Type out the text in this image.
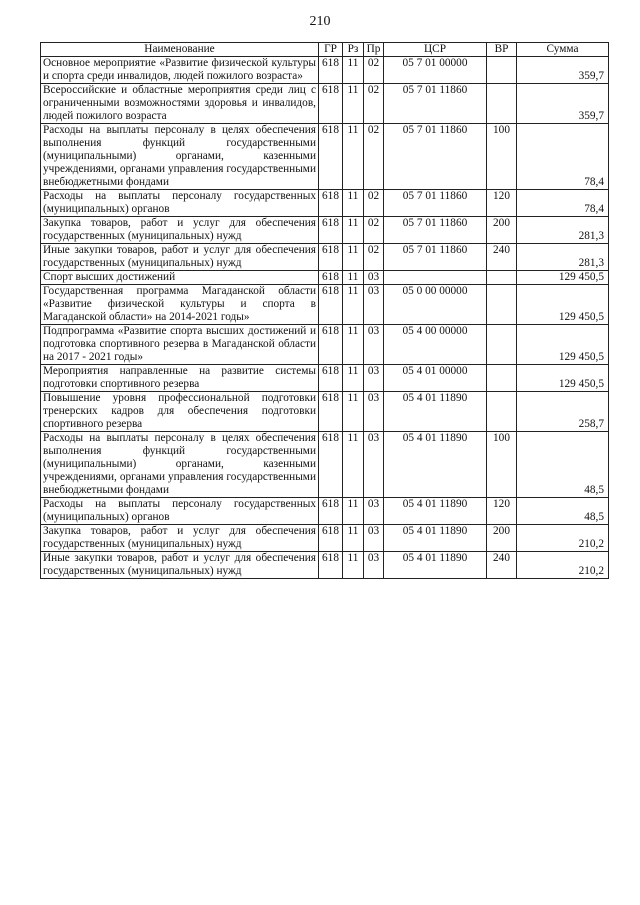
210
Наименование	ГР	Рз	Пр	ЦСР	ВР	Сумма
Основное мероприятие «Развитие физической культуры и спорта среди инвалидов, людей пожилого возраста»	618	11	02	05 7 01 00000		359,7
Всероссийские и областные мероприятия среди лиц с ограниченными возможностями здоровья и инвалидов, людей пожилого возраста	618	11	02	05 7 01 11860		359,7
Расходы на выплаты персоналу в целях обеспечения выполнения функций государственными (муниципальными) органами, казенными учреждениями, органами управления государственными внебюджетными фондами	618	11	02	05 7 01 11860	100	78,4
Расходы на выплаты персоналу государственных (муниципальных) органов	618	11	02	05 7 01 11860	120	78,4
Закупка товаров, работ и услуг для обеспечения государственных (муниципальных) нужд	618	11	02	05 7 01 11860	200	281,3
Иные закупки товаров, работ и услуг для обеспечения государственных (муниципальных) нужд	618	11	02	05 7 01 11860	240	281,3
Спорт высших достижений	618	11	03			129 450,5
Государственная программа Магаданской области «Развитие физической культуры и спорта в Магаданской области» на 2014-2021 годы»	618	11	03	05 0 00 00000		129 450,5
Подпрограмма «Развитие спорта высших достижений и подготовка спортивного резерва в Магаданской области на 2017 - 2021 годы»	618	11	03	05 4 00 00000		129 450,5
Мероприятия направленные на развитие системы подготовки спортивного резерва	618	11	03	05 4 01 00000		129 450,5
Повышение уровня профессиональной подготовки тренерских кадров для обеспечения подготовки спортивного резерва	618	11	03	05 4 01 11890		258,7
Расходы на выплаты персоналу в целях обеспечения выполнения функций государственными (муниципальными) органами, казенными учреждениями, органами управления государственными внебюджетными фондами	618	11	03	05 4 01 11890	100	48,5
Расходы на выплаты персоналу государственных (муниципальных) органов	618	11	03	05 4 01 11890	120	48,5
Закупка товаров, работ и услуг для обеспечения государственных (муниципальных) нужд	618	11	03	05 4 01 11890	200	210,2
Иные закупки товаров, работ и услуг для обеспечения государственных (муниципальных) нужд	618	11	03	05 4 01 11890	240	210,2
